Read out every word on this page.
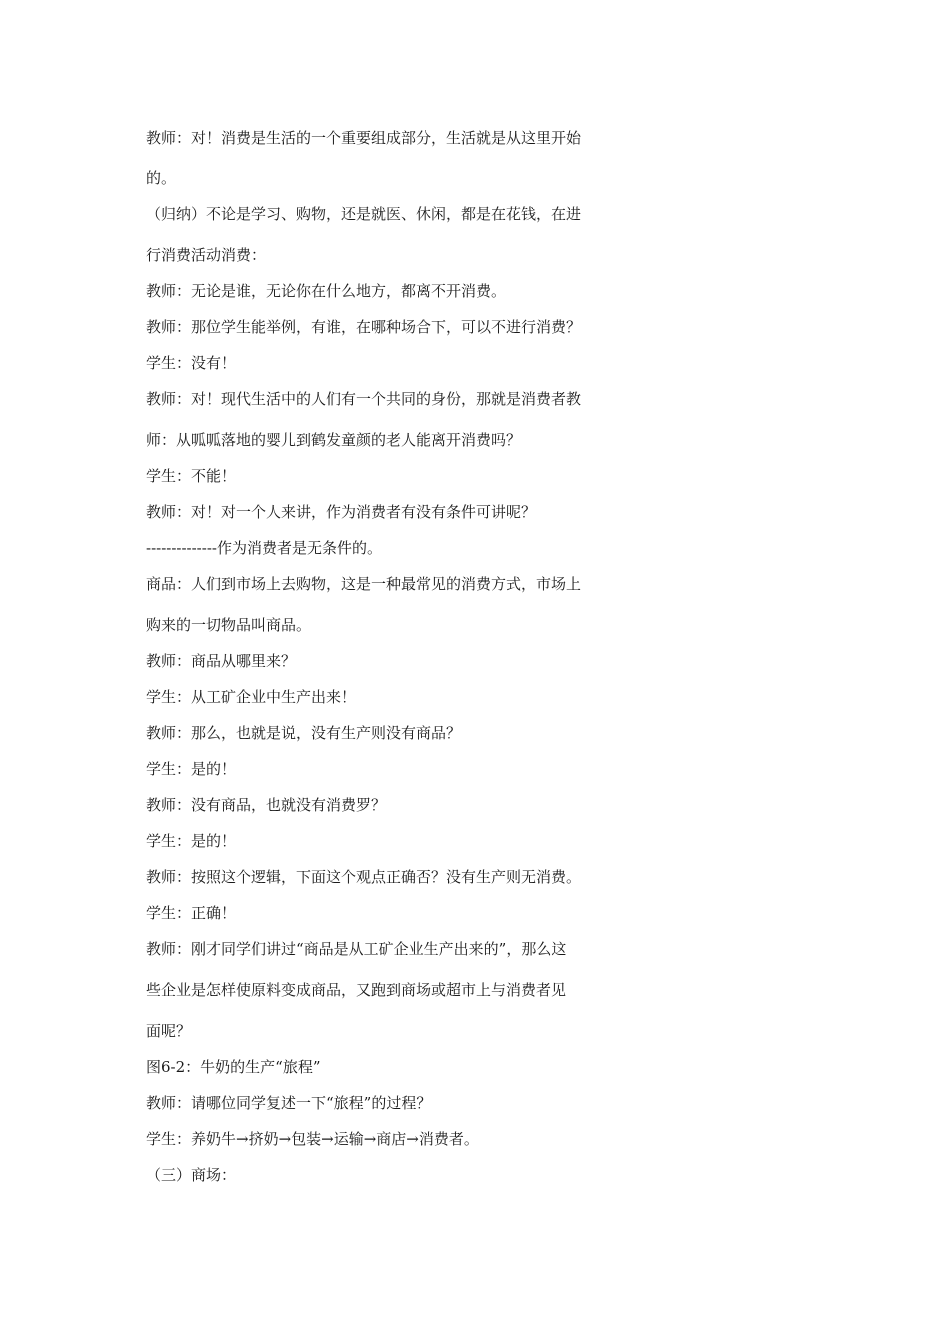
教师：对！消费是生活的一个重要组成部分，生活就是从这里开始
的。
（归纳）不论是学习、购物，还是就医、休闲，都是在花钱，在进
行消费活动消费：
教师：无论是谁，无论你在什么地方，都离不开消费。
教师：那位学生能举例，有谁，在哪种场合下，可以不进行消费？
学生：没有！
教师：对！现代生活中的人们有一个共同的身份，那就是消费者教
师：从呱呱落地的婴儿到鹤发童颜的老人能离开消费吗？
学生：不能！
教师：对！对一个人来讲，作为消费者有没有条件可讲呢？
--------------作为消费者是无条件的。
商品：人们到市场上去购物，这是一种最常见的消费方式，市场上
购来的一切物品叫商品。
教师：商品从哪里来？
学生：从工矿企业中生产出来！
教师：那么，也就是说，没有生产则没有商品？
学生：是的！
教师：没有商品，也就没有消费罗？
学生：是的！
教师：按照这个逻辑，下面这个观点正确否？没有生产则无消费。
学生：正确！
教师：刚才同学们讲过“商品是从工矿企业生产出来的”，那么这
些企业是怎样使原料变成商品，又跑到商场或超市上与消费者见
面呢？
图6-2：牛奶的生产“旅程”
教师：请哪位同学复述一下“旅程”的过程？
学生：养奶牛→挤奶→包装→运输→商店→消费者。
（三）商场：
